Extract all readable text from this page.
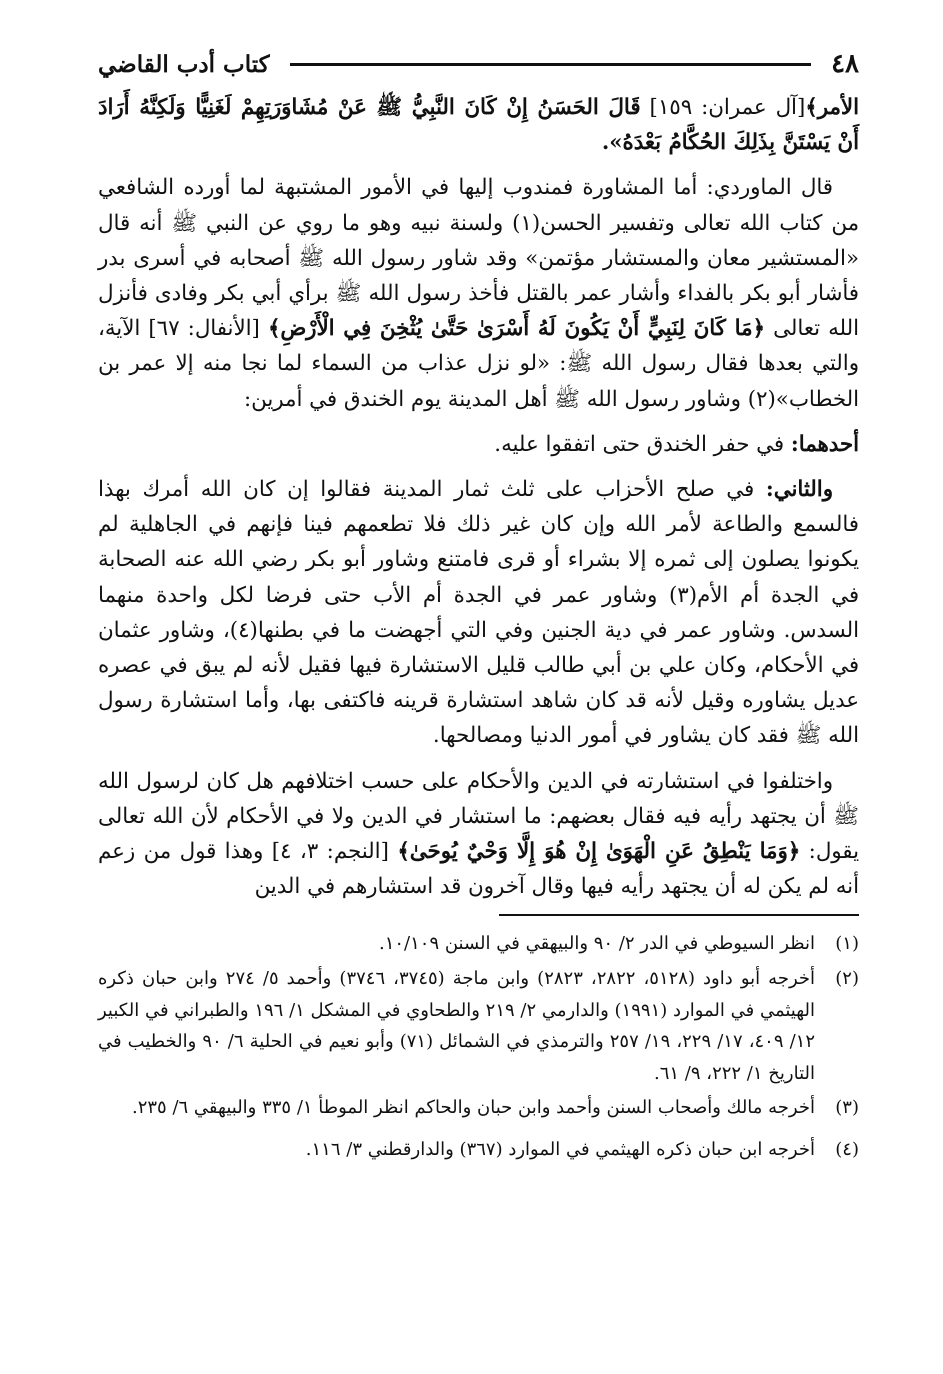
٤٨
كتاب أدب القاضي

الأمر﴾[آل عمران: ١٥٩] قَالَ الحَسَنُ إِنْ كَانَ النَّبِيُّ ﷺ عَنْ مُشَاوَرَتِهِمْ لَغَنِيًّا وَلَكِنَّهُ أَرَادَ أَنْ يَسْتَنَّ بِذَلِكَ الحُكَّامُ بَعْدَهُ».

قال الماوردي: أما المشاورة فمندوب إليها في الأمور المشتبهة لما أورده الشافعي من كتاب الله تعالى وتفسير الحسن(١) ولسنة نبيه وهو ما روي عن النبي ﷺ أنه قال «المستشير معان والمستشار مؤتمن» وقد شاور رسول الله ﷺ أصحابه في أسرى بدر فأشار أبو بكر بالفداء وأشار عمر بالقتل فأخذ رسول الله ﷺ برأي أبي بكر وفادى فأنزل الله تعالى ﴿مَا كَانَ لِنَبِيٍّ أَنْ يَكُونَ لَهُ أَسْرَىٰ حَتَّىٰ يُثْخِنَ فِي الْأَرْضِ﴾ [الأنفال: ٦٧] الآية، والتي بعدها فقال رسول الله ﷺ: «لو نزل عذاب من السماء لما نجا منه إلا عمر بن الخطاب»(٢) وشاور رسول الله ﷺ أهل المدينة يوم الخندق في أمرين:

أحدهما: في حفر الخندق حتى اتفقوا عليه.

والثاني: في صلح الأحزاب على ثلث ثمار المدينة فقالوا إن كان الله أمرك بهذا فالسمع والطاعة لأمر الله وإن كان غير ذلك فلا تطعمهم فينا فإنهم في الجاهلية لم يكونوا يصلون إلى ثمره إلا بشراء أو قرى فامتنع وشاور أبو بكر رضي الله عنه الصحابة في الجدة أم الأم(٣) وشاور عمر في الجدة أم الأب حتى فرضا لكل واحدة منهما السدس. وشاور عمر في دية الجنين وفي التي أجهضت ما في بطنها(٤)، وشاور عثمان في الأحكام، وكان علي بن أبي طالب قليل الاستشارة فيها فقيل لأنه لم يبق في عصره عديل يشاوره وقيل لأنه قد كان شاهد استشارة قرينه فاكتفى بها، وأما استشارة رسول الله ﷺ فقد كان يشاور في أمور الدنيا ومصالحها.

واختلفوا في استشارته في الدين والأحكام على حسب اختلافهم هل كان لرسول الله ﷺ أن يجتهد رأيه فيه فقال بعضهم: ما استشار في الدين ولا في الأحكام لأن الله تعالى يقول: ﴿وَمَا يَنْطِقُ عَنِ الْهَوَىٰ إِنْ هُوَ إِلَّا وَحْيٌ يُوحَىٰ﴾ [النجم: ٣، ٤] وهذا قول من زعم أنه لم يكن له أن يجتهد رأيه فيها وقال آخرون قد استشارهم في الدين

(١)
انظر السيوطي في الدر ٢/ ٩٠ والبيهقي في السنن ١٠/١٠٩.
(٢)
أخرجه أبو داود (٥١٢٨، ٢٨٢٢، ٢٨٢٣) وابن ماجة (٣٧٤٥، ٣٧٤٦) وأحمد ٥/ ٢٧٤ وابن حبان ذكره الهيثمي في الموارد (١٩٩١) والدارمي ٢/ ٢١٩ والطحاوي في المشكل ١/ ١٩٦ والطبراني في الكبير ١٢/ ٤٠٩، ١٧/ ٢٢٩، ١٩/ ٢٥٧ والترمذي في الشمائل (٧١) وأبو نعيم في الحلية ٦/ ٩٠ والخطيب في التاريخ ١/ ٢٢٢، ٩/ ٦١.
(٣)
أخرجه مالك وأصحاب السنن وأحمد وابن حبان والحاكم انظر الموطأ ١/ ٣٣٥ والبيهقي ٦/ ٢٣٥.
(٤)
أخرجه ابن حبان ذكره الهيثمي في الموارد (٣٦٧) والدارقطني ٣/ ١١٦.
